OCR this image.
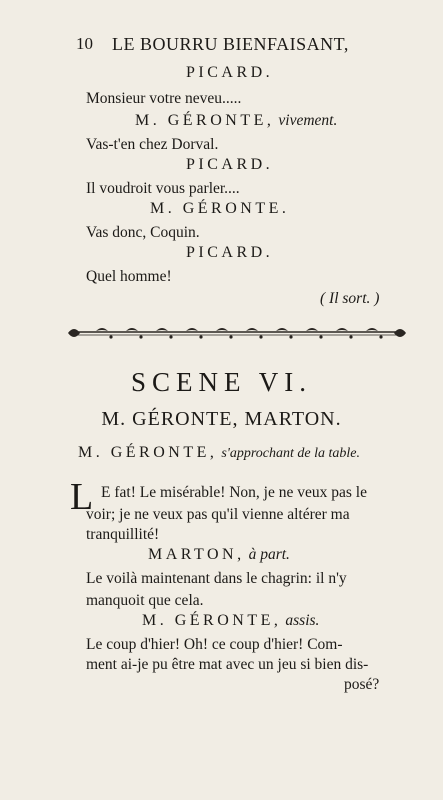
10 LE BOURRU BIENFAISANT,
PICARD.
Monsieur votre neveu.....
M. GÉRONTE, vivement.
Vas-t'en chez Dorval.
PICARD.
Il voudroit vous parler....
M. GÉRONTE.
Vas donc, Coquin.
PICARD.
Quel homme!
( Il sort. )
SCENE VI.
M. GÉRONTE, MARTON.
M. GÉRONTE, s'approchant de la table.
L E fat! Le misérable! Non, je ne veux pas le
voir; je ne veux pas qu'il vienne altérer ma
tranquillité!
MARTON, à part.
Le voilà maintenant dans le chagrin: il n'y
manquoit que cela.
M. GÉRONTE, assis.
Le coup d'hier! Oh! ce coup d'hier! Com-
ment ai-je pu être mat avec un jeu si bien dis-
posé?
